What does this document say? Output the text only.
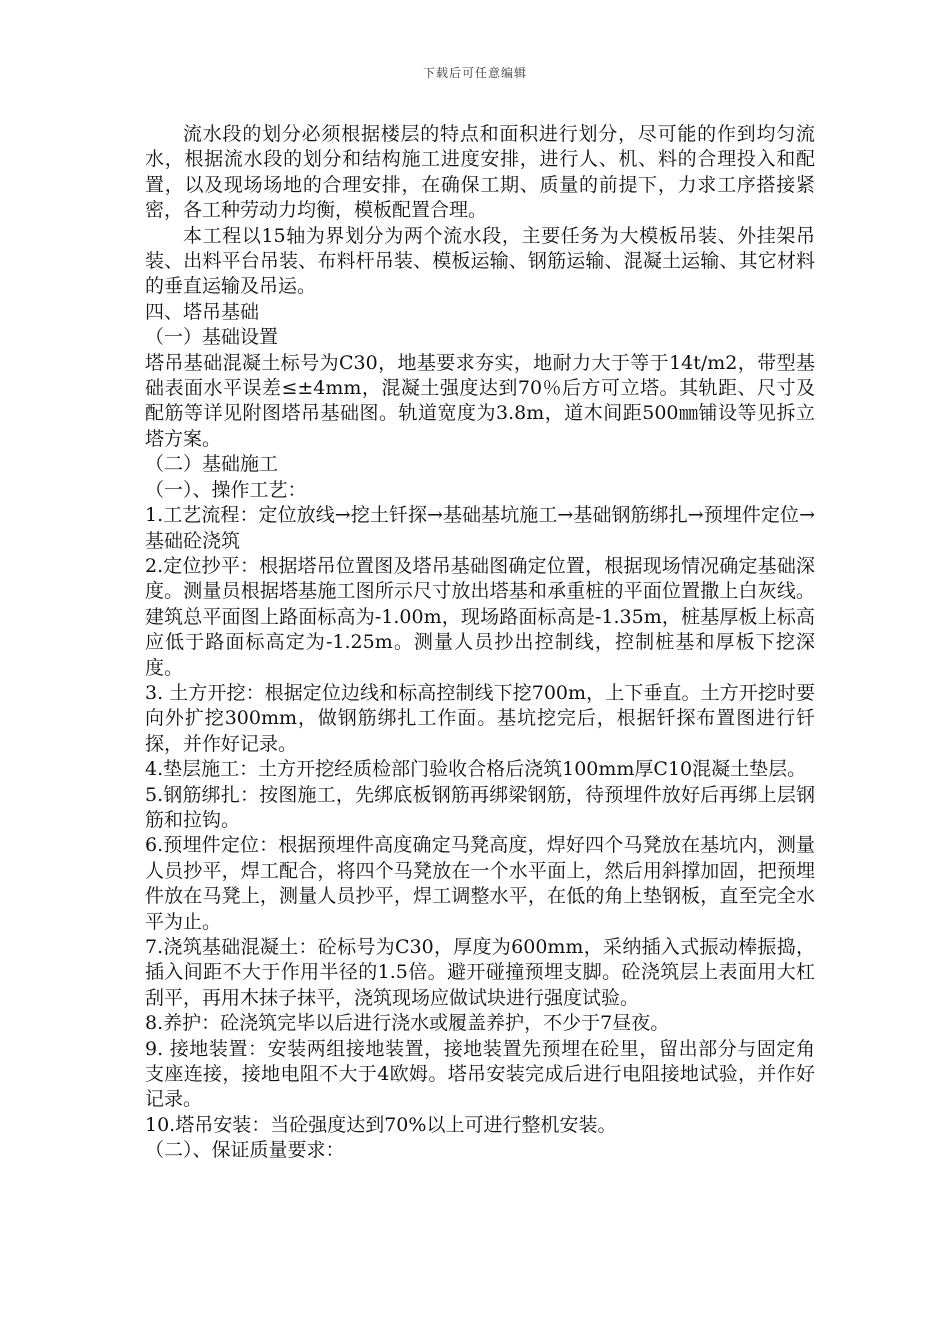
下载后可任意编辑

流水段的划分必须根据楼层的特点和面积进行划分，尽可能的作到均匀流水，根据流水段的划分和结构施工进度安排，进行人、机、料的合理投入和配置，以及现场场地的合理安排，在确保工期、质量的前提下，力求工序搭接紧密，各工种劳动力均衡，模板配置合理。

本工程以15轴为界划分为两个流水段，主要任务为大模板吊装、外挂架吊装、出料平台吊装、布料杆吊装、模板运输、钢筋运输、混凝土运输、其它材料的垂直运输及吊运。

四、塔吊基础

（一）基础设置

塔吊基础混凝土标号为C30，地基要求夯实，地耐力大于等于14t/m2，带型基础表面水平误差≤±4mm，混凝土强度达到70％后方可立塔。其轨距、尺寸及配筋等详见附图塔吊基础图。轨道宽度为3.8m，道木间距500㎜铺设等见拆立塔方案。

（二）基础施工

（一）、操作工艺：

1.工艺流程：定位放线→挖土钎探→基础基坑施工→基础钢筋绑扎→预埋件定位→基础砼浇筑

2.定位抄平：根据塔吊位置图及塔吊基础图确定位置，根据现场情况确定基础深度。测量员根据塔基施工图所示尺寸放出塔基和承重桩的平面位置撒上白灰线。建筑总平面图上路面标高为-1.00m，现场路面标高是-1.35m，桩基厚板上标高应低于路面标高定为-1.25m。测量人员抄出控制线，控制桩基和厚板下挖深度。

3. 土方开挖：根据定位边线和标高控制线下挖700m，上下垂直。土方开挖时要向外扩挖300mm，做钢筋绑扎工作面。基坑挖完后，根据钎探布置图进行钎探，并作好记录。

4.垫层施工：土方开挖经质检部门验收合格后浇筑100mm厚C10混凝土垫层。

5.钢筋绑扎：按图施工，先绑底板钢筋再绑梁钢筋，待预埋件放好后再绑上层钢筋和拉钩。

6.预埋件定位：根据预埋件高度确定马凳高度，焊好四个马凳放在基坑内，测量人员抄平，焊工配合，将四个马凳放在一个水平面上，然后用斜撑加固，把预埋件放在马凳上，测量人员抄平，焊工调整水平，在低的角上垫钢板，直至完全水平为止。

7.浇筑基础混凝土：砼标号为C30，厚度为600mm，采纳插入式振动棒振捣，插入间距不大于作用半径的1.5倍。避开碰撞预埋支脚。砼浇筑层上表面用大杠刮平，再用木抹子抹平，浇筑现场应做试块进行强度试验。

8.养护：砼浇筑完毕以后进行浇水或履盖养护，不少于7昼夜。

9. 接地装置：安装两组接地装置，接地装置先预埋在砼里，留出部分与固定角支座连接，接地电阻不大于4欧姆。塔吊安装完成后进行电阻接地试验，并作好记录。

10.塔吊安装：当砼强度达到70%以上可进行整机安装。

（二）、保证质量要求：
